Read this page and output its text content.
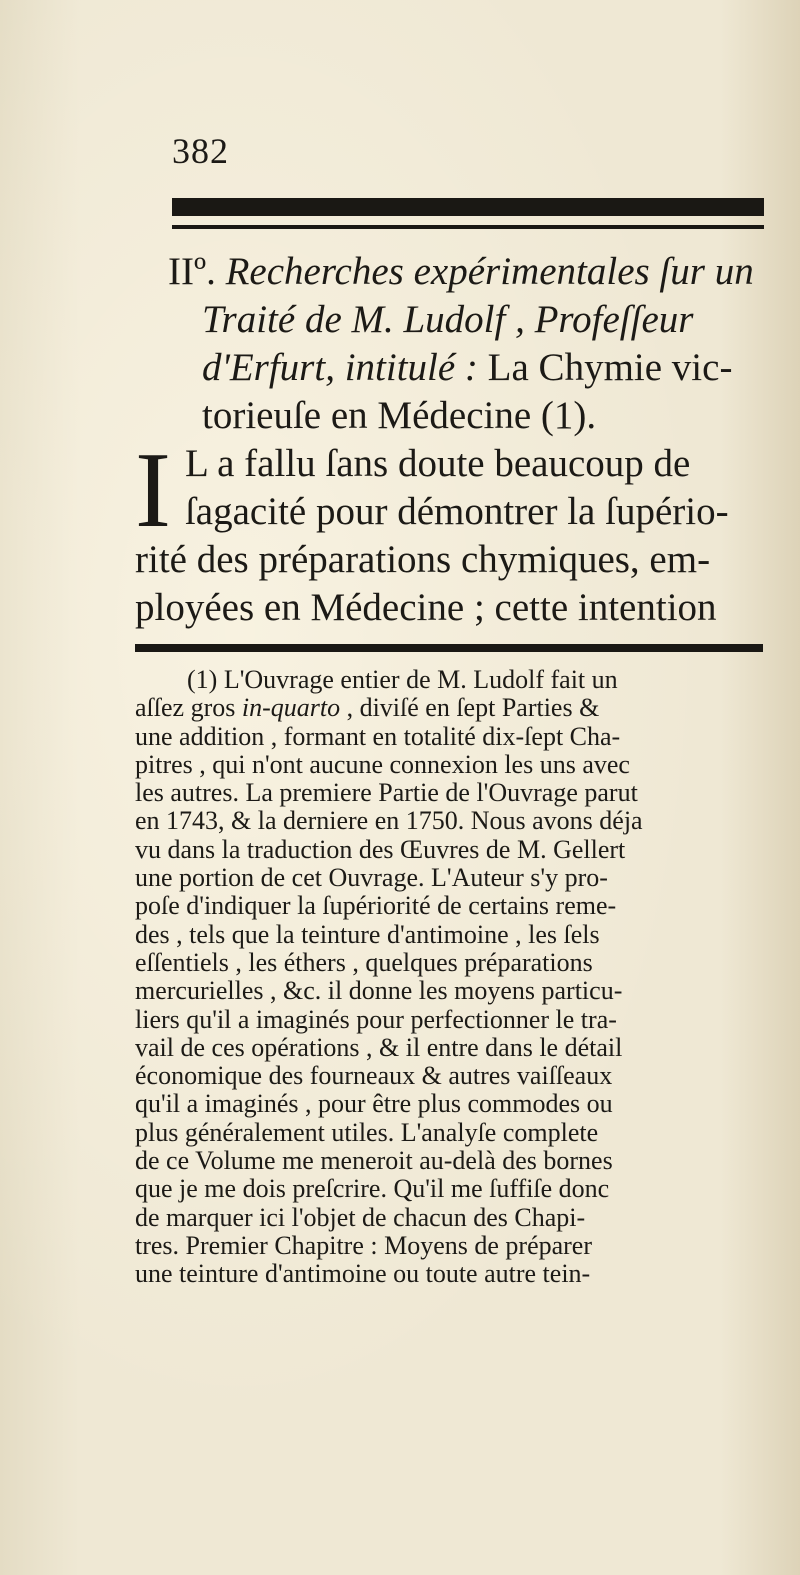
382
IIº. Recherches expérimentales ſur un
Traité de M. Ludolf , Profeſſeur
d'Erfurt, intitulé : La Chymie vic-
torieuſe en Médecine (1).
I L a fallu ſans doute beaucoup de
ſagacité pour démontrer la ſupério-
rité des préparations chymiques, em-
ployées en Médecine ; cette intention
(1) L'Ouvrage entier de M. Ludolf fait un
aſſez gros in-quarto , diviſé en ſept Parties &
une addition , formant en totalité dix-ſept Cha-
pitres , qui n'ont aucune connexion les uns avec
les autres. La premiere Partie de l'Ouvrage parut
en 1743, & la derniere en 1750. Nous avons déja
vu dans la traduction des Œuvres de M. Gellert
une portion de cet Ouvrage. L'Auteur s'y pro-
poſe d'indiquer la ſupériorité de certains reme-
des , tels que la teinture d'antimoine , les ſels
eſſentiels , les éthers , quelques préparations
mercurielles , &c. il donne les moyens particu-
liers qu'il a imaginés pour perfectionner le tra-
vail de ces opérations , & il entre dans le détail
économique des fourneaux & autres vaiſſeaux
qu'il a imaginés , pour être plus commodes ou
plus généralement utiles. L'analyſe complete
de ce Volume me meneroit au-delà des bornes
que je me dois preſcrire. Qu'il me ſuffiſe donc
de marquer ici l'objet de chacun des Chapi-
tres. Premier Chapitre : Moyens de préparer
une teinture d'antimoine ou toute autre tein-
